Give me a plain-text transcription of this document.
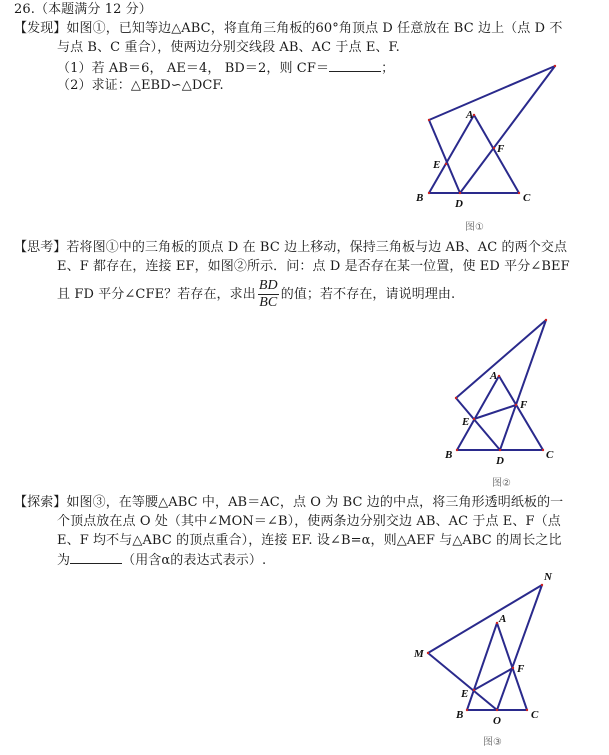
26.（本题满分 12 分）
【发现】如图①，已知等边△ABC，将直角三角板的60°角顶点 D 任意放在 BC 边上（点 D 不
与点 B、C 重合），使两边分别交线段 AB、AC 于点 E、F.
（1）若 AB＝6， AE＝4， BD＝2，则 CF＝	；
（2）求证：△EBD∽△DCF.
【思考】若将图①中的三角板的顶点 D 在 BC 边上移动，保持三角板与边 AB、AC 的两个交点
E、F 都存在，连接 EF，如图②所示．问：点 D 是否存在某一位置，使 ED 平分∠BEF
且 FD 平分∠CFE？若存在，求出 $\frac{BD}{BC}$ 的值；若不存在，请说明理由.
【探索】如图③，在等腰△ABC 中，AB＝AC，点 O 为 BC 边的中点，将三角形透明纸板的一
个顶点放在点 O 处（其中∠MON＝∠B），使两条边分别交边 AB、AC 于点 E、F（点
E、F 均不与△ABC 的顶点重合），连接 EF. 设∠B=α，则△AEF 与△ABC 的周长之比
为	（用含α的表达式表示）.
A
B	C
D
E
F
图①
A
B	C
D
E
F
图②
A
B	C
O
E
F
M
N
图③
